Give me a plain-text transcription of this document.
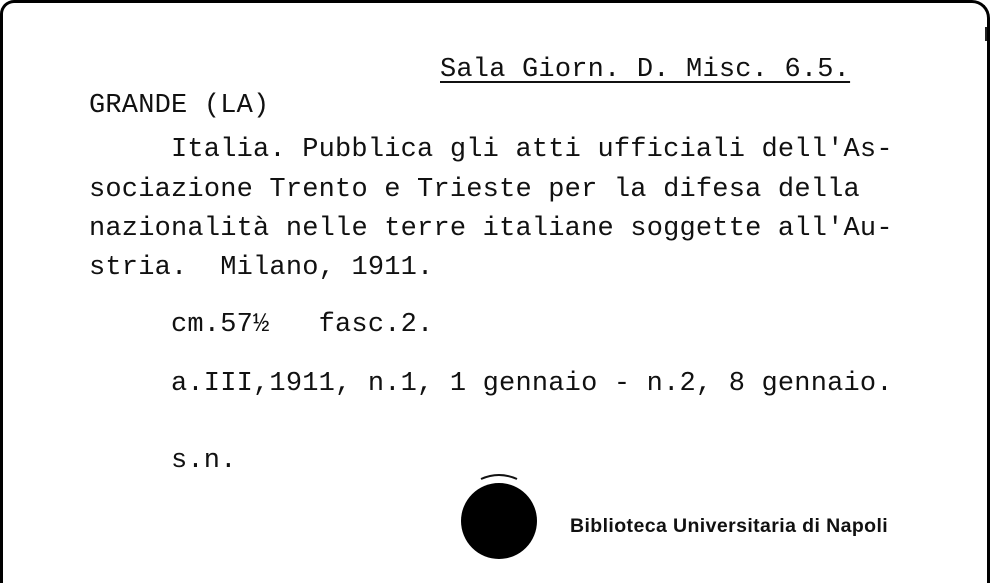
Sala Giorn. D. Misc. 6.5.
GRANDE (LA)
Italia. Pubblica gli atti ufficiali dell'As-
sociazione Trento e Trieste per la difesa della
nazionalità nelle terre italiane soggette all'Au-
stria.  Milano, 1911.
cm.57½   fasc.2.
a.III,1911, n.1, 1 gennaio - n.2, 8 gennaio.
s.n.
Biblioteca Universitaria di Napoli
